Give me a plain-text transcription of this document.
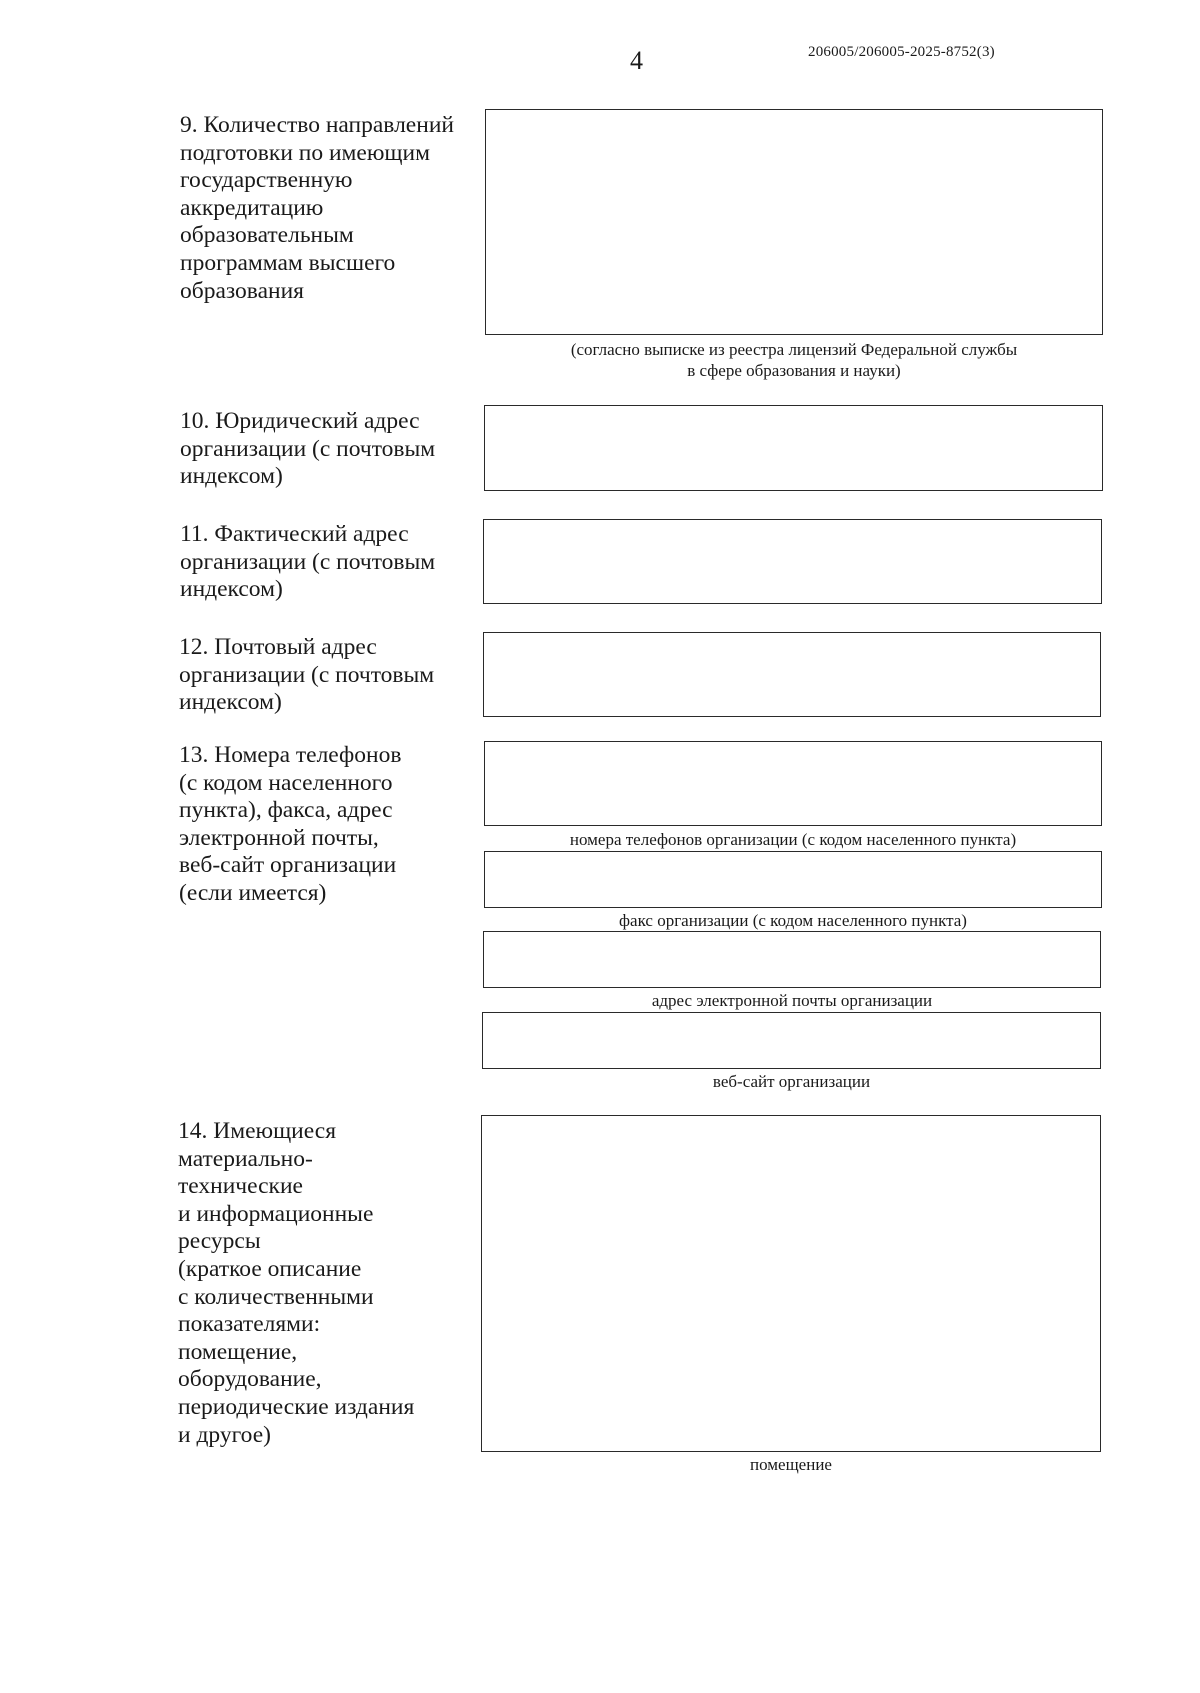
4	206005/206005-2025-8752(3)
9. Количество направлений
подготовки по имеющим
государственную
аккредитацию
образовательным
программам высшего
образования
(согласно выписке из реестра лицензий Федеральной службы
в сфере образования и науки)
10. Юридический адрес
организации (с почтовым
индексом)
11. Фактический адрес
организации (с почтовым
индексом)
12. Почтовый адрес
организации (с почтовым
индексом)
13. Номера телефонов
(с кодом населенного
пункта), факса, адрес
электронной почты,
веб-сайт организации
(если имеется)
номера телефонов организации (с кодом населенного пункта)
факс организации (с кодом населенного пункта)
адрес электронной почты организации
веб-сайт организации
14. Имеющиеся
материально-
технические
и информационные
ресурсы
(краткое описание
с количественными
показателями:
помещение,
оборудование,
периодические издания
и другое)
помещение
